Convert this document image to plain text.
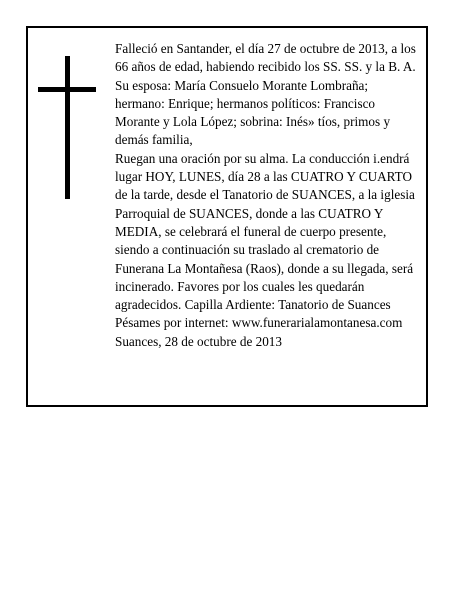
Falleció en Santander, el día 27 de octubre de 2013, a los 66 años de edad, habiendo recibido los SS. SS. y la B. A.

Su esposa: María Consuelo Morante Lombraña; hermano: Enrique; hermanos políticos: Francisco Morante y Lola López; sobrina: Inés» tíos, primos y demás familia,

Ruegan una oración por su alma. La conducción i.endrá lugar HOY, LUNES, día 28 a las CUATRO Y CUARTO de la tarde, desde el Tanatorio de SUANCES, a la iglesia Parroquial de SUANCES, donde a las CUATRO Y MEDIA, se celebrará el funeral de cuerpo presente, siendo a continuación su traslado al crematorio de Funerana La Montañesa (Raos), donde a su llegada, será incinerado. Favores por los cuales les quedarán agradecidos. Capilla Ardiente: Tanatorio de Suances

Pésames por internet: www.funerarialamontanesa.com

Suances, 28 de octubre de 2013
